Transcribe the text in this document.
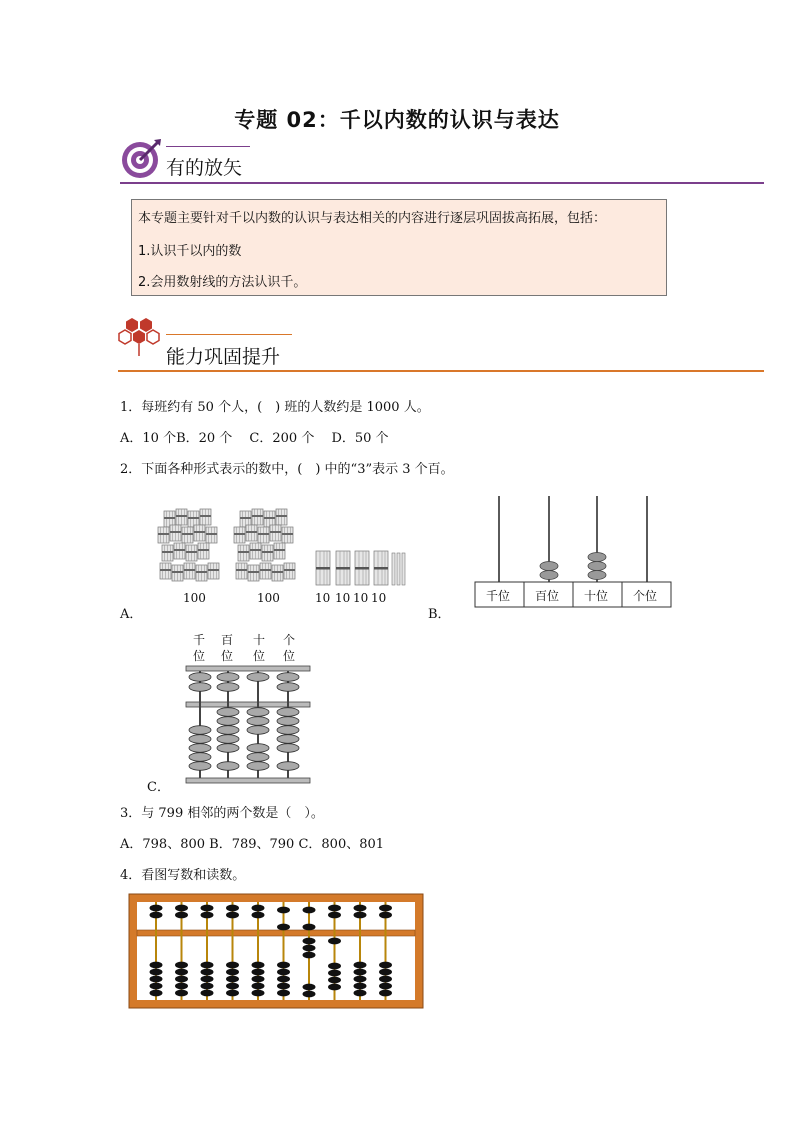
专题 02：千以内数的认识与表达
有的放矢
本专题主要针对千以内数的认识与表达相关的内容进行逐层巩固拔高拓展，包括：
1.认识千以内的数
2.会用数射线的方法认识千。
能力巩固提升
1．每班约有 50 个人，(　) 班的人数约是 1000 人。
A．10 个B．20 个　 C．200 个　 D．50 个
2．下面各种形式表示的数中，(　) 中的“3”表示 3 个百。
A．
100	100	10 10 10 10
B．
千位 百位 十位 个位
C．
千
位
百
位
十
位
个
位
3．与 799 相邻的两个数是（　）。
A．798、800 B．789、790 C．800、801
4．看图写数和读数。
